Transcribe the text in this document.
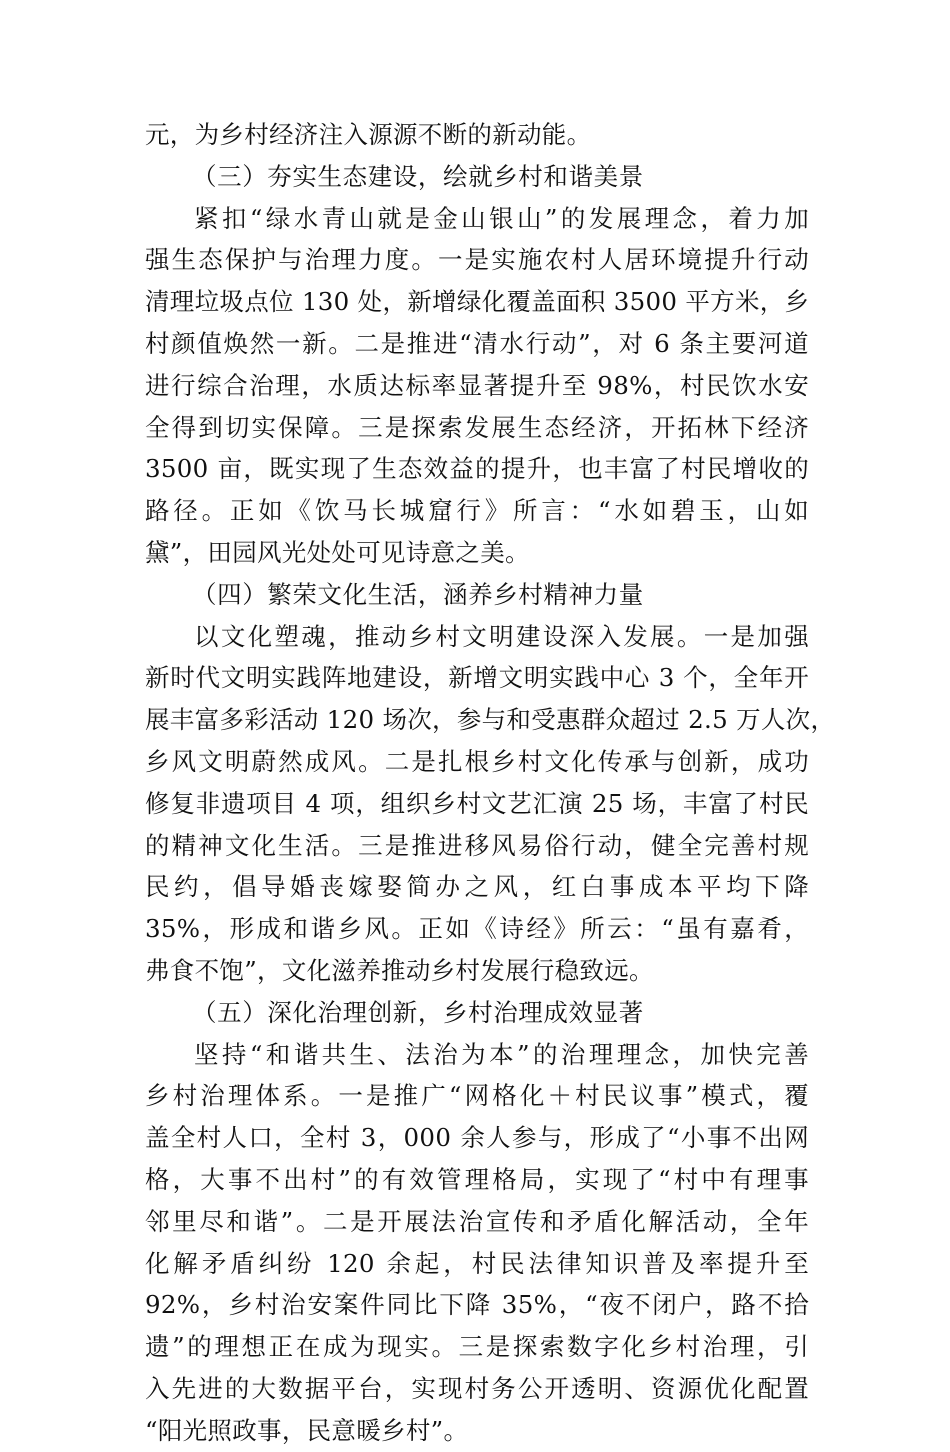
元，为乡村经济注入源源不断的新动能。
（三）夯实生态建设，绘就乡村和谐美景
紧扣“绿水青山就是金山银山”的发展理念，着力加
强生态保护与治理力度。一是实施农村人居环境提升行动
清理垃圾点位 130 处，新增绿化覆盖面积 3500 平方米，乡
村颜值焕然一新。二是推进“清水行动”，对 6 条主要河道
进行综合治理，水质达标率显著提升至 98%，村民饮水安
全得到切实保障。三是探索发展生态经济，开拓林下经济
3500 亩，既实现了生态效益的提升，也丰富了村民增收的
路径。正如《饮马长城窟行》所言：“水如碧玉，山如
黛”，田园风光处处可见诗意之美。
（四）繁荣文化生活，涵养乡村精神力量
以文化塑魂，推动乡村文明建设深入发展。一是加强
新时代文明实践阵地建设，新增文明实践中心 3 个，全年开
展丰富多彩活动 120 场次，参与和受惠群众超过 2.5 万人次，
乡风文明蔚然成风。二是扎根乡村文化传承与创新，成功
修复非遗项目 4 项，组织乡村文艺汇演 25 场，丰富了村民
的精神文化生活。三是推进移风易俗行动，健全完善村规
民约，倡导婚丧嫁娶简办之风，红白事成本平均下降
35%，形成和谐乡风。正如《诗经》所云：“虽有嘉肴，
弗食不饱”，文化滋养推动乡村发展行稳致远。
（五）深化治理创新，乡村治理成效显著
坚持“和谐共生、法治为本”的治理理念，加快完善
乡村治理体系。一是推广“网格化＋村民议事”模式，覆
盖全村人口，全村 3，000 余人参与，形成了“小事不出网
格，大事不出村”的有效管理格局，实现了“村中有理事
邻里尽和谐”。二是开展法治宣传和矛盾化解活动，全年
化解矛盾纠纷 120 余起，村民法律知识普及率提升至
92%，乡村治安案件同比下降 35%，“夜不闭户，路不拾
遗”的理想正在成为现实。三是探索数字化乡村治理，引
入先进的大数据平台，实现村务公开透明、资源优化配置
“阳光照政事，民意暖乡村”。
